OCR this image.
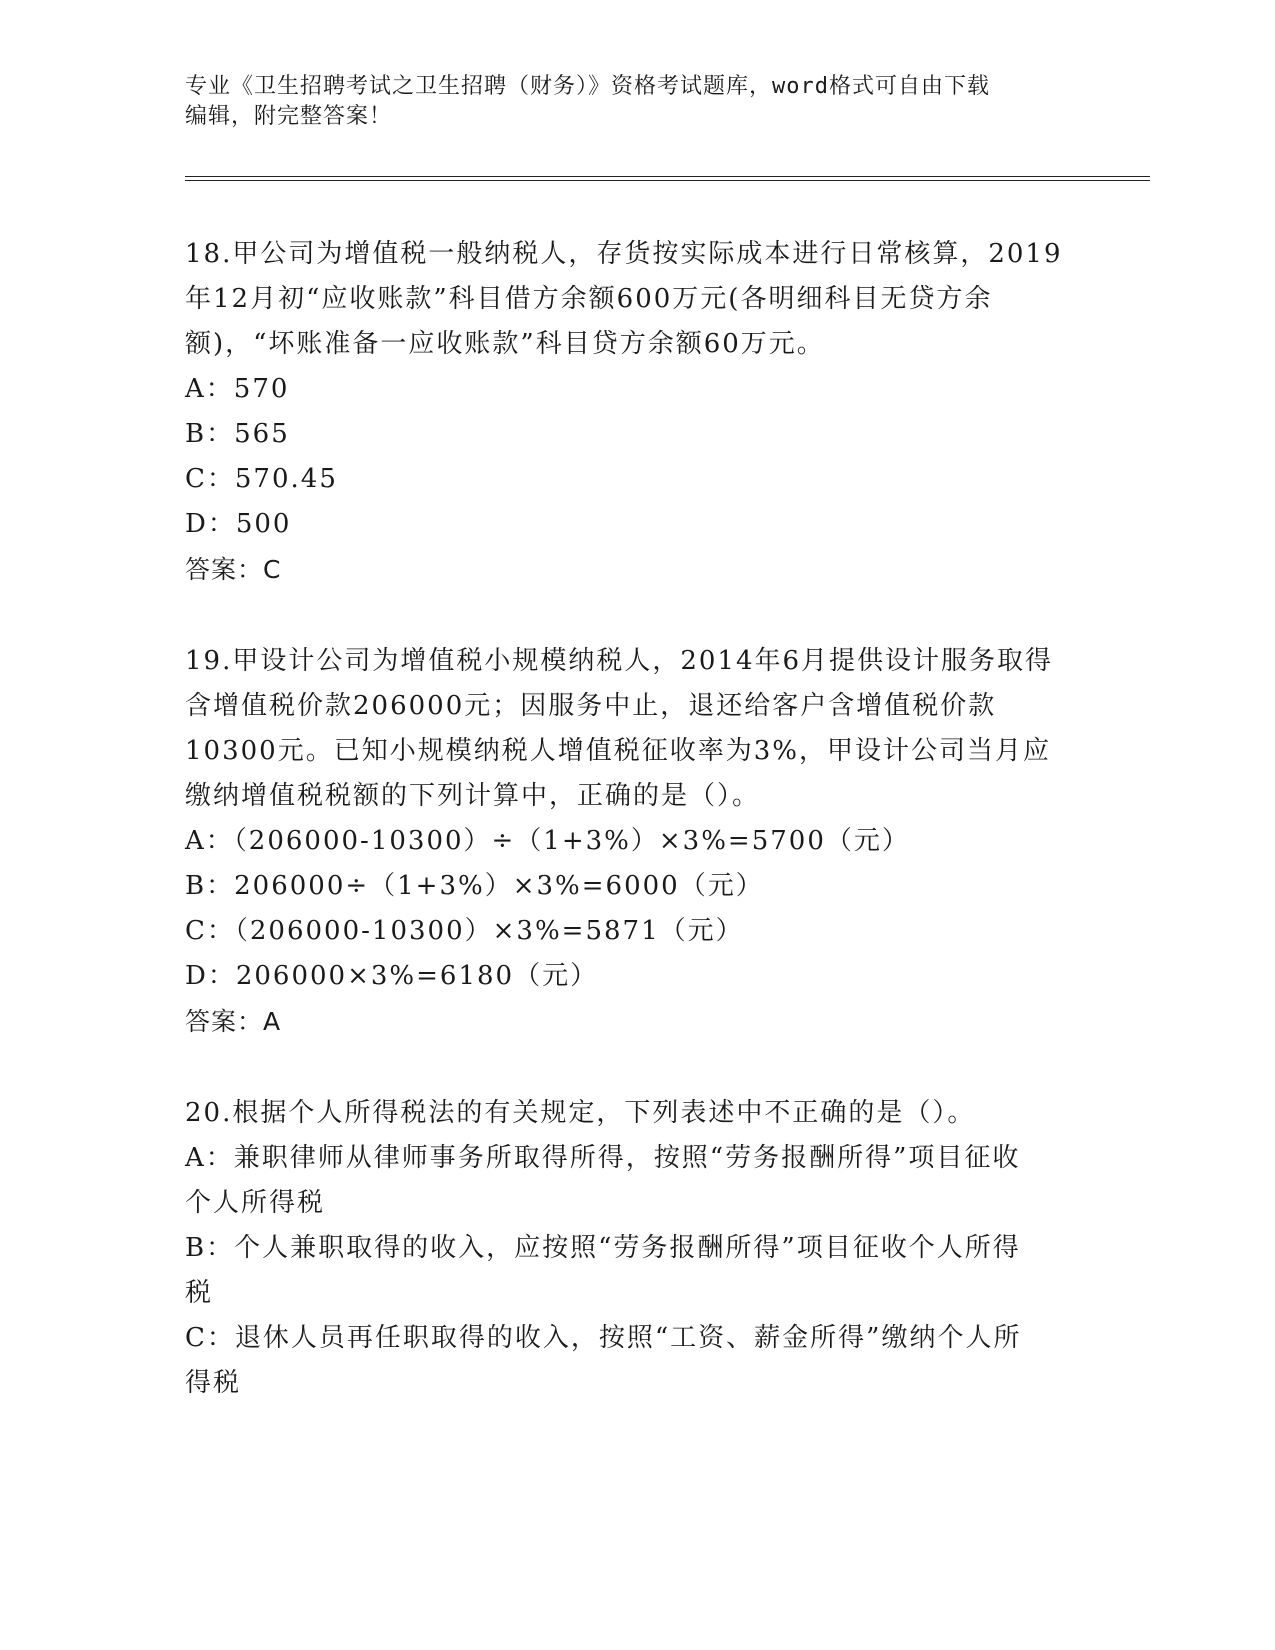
专业《卫生招聘考试之卫生招聘（财务）》资格考试题库，word格式可自由下载
编辑，附完整答案！
18.甲公司为增值税一般纳税人，存货按实际成本进行日常核算，2019
年12月初“应收账款”科目借方余额600万元(各明细科目无贷方余
额)，“坏账准备一应收账款”科目贷方余额60万元。
A：570
B：565
C：570.45
D：500
答案：C
19.甲设计公司为增值税小规模纳税人，2014年6月提供设计服务取得
含增值税价款206000元；因服务中止，退还给客户含增值税价款
10300元。已知小规模纳税人增值税征收率为3%，甲设计公司当月应
缴纳增值税税额的下列计算中，正确的是（）。
A：（206000-10300）÷（1+3%）×3%=5700（元）
B：206000÷（1+3%）×3%=6000（元）
C：（206000-10300）×3%=5871（元）
D：206000×3%=6180（元）
答案：A
20.根据个人所得税法的有关规定，下列表述中不正确的是（）。
A：兼职律师从律师事务所取得所得，按照“劳务报酬所得”项目征收
个人所得税
B：个人兼职取得的收入，应按照“劳务报酬所得”项目征收个人所得
税
C：退休人员再任职取得的收入，按照“工资、薪金所得”缴纳个人所
得税
